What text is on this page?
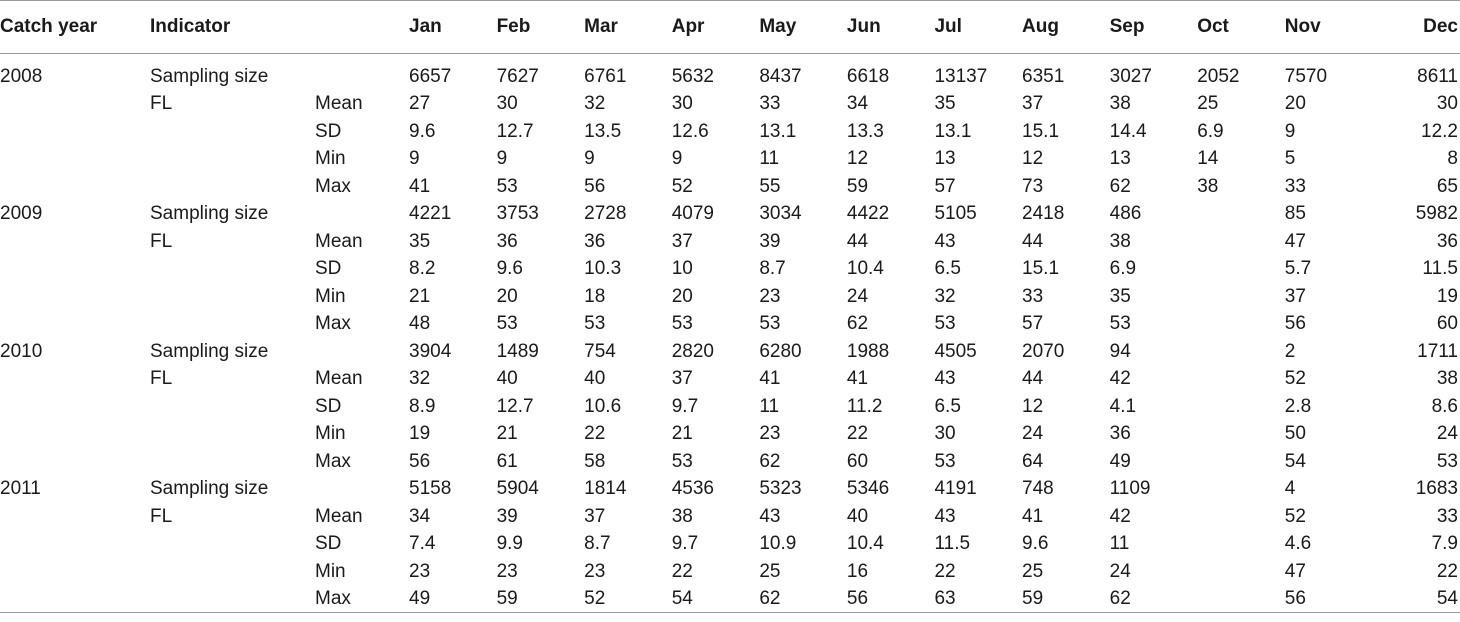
Catch year	Indicator		Jan	Feb	Mar	Apr	May	Jun	Jul	Aug	Sep	Oct	Nov	Dec
2008	Sampling size		6657	7627	6761	5632	8437	6618	13137	6351	3027	2052	7570	8611
	FL	Mean	27	30	32	30	33	34	35	37	38	25	20	30
		SD	9.6	12.7	13.5	12.6	13.1	13.3	13.1	15.1	14.4	6.9	9	12.2
		Min	9	9	9	9	11	12	13	12	13	14	5	8
		Max	41	53	56	52	55	59	57	73	62	38	33	65
2009	Sampling size		4221	3753	2728	4079	3034	4422	5105	2418	486		85	5982
	FL	Mean	35	36	36	37	39	44	43	44	38		47	36
		SD	8.2	9.6	10.3	10	8.7	10.4	6.5	15.1	6.9		5.7	11.5
		Min	21	20	18	20	23	24	32	33	35		37	19
		Max	48	53	53	53	53	62	53	57	53		56	60
2010	Sampling size		3904	1489	754	2820	6280	1988	4505	2070	94		2	1711
	FL	Mean	32	40	40	37	41	41	43	44	42		52	38
		SD	8.9	12.7	10.6	9.7	11	11.2	6.5	12	4.1		2.8	8.6
		Min	19	21	22	21	23	22	30	24	36		50	24
		Max	56	61	58	53	62	60	53	64	49		54	53
2011	Sampling size		5158	5904	1814	4536	5323	5346	4191	748	1109		4	1683
	FL	Mean	34	39	37	38	43	40	43	41	42		52	33
		SD	7.4	9.9	8.7	9.7	10.9	10.4	11.5	9.6	11		4.6	7.9
		Min	23	23	23	22	25	16	22	25	24		47	22
		Max	49	59	52	54	62	56	63	59	62		56	54
